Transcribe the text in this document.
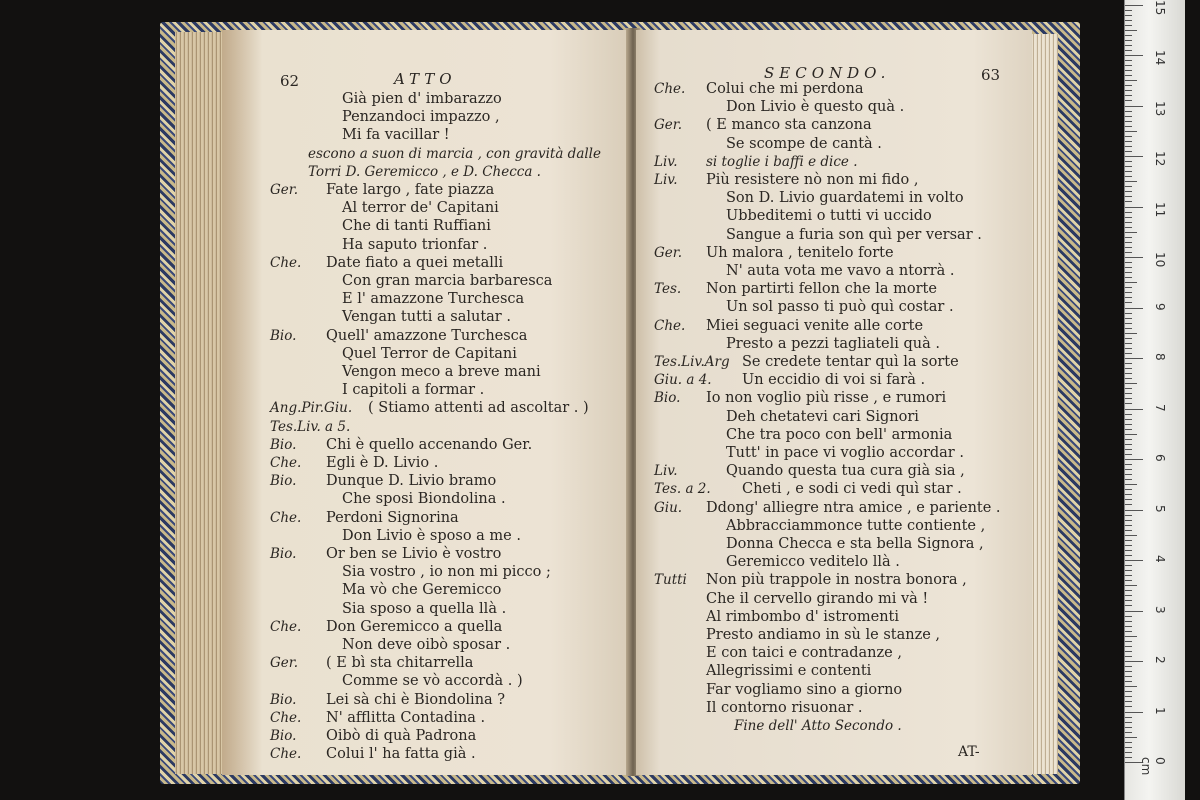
62	ATTO
Già pien d' imbarazzo
Penzandoci impazzo ,
Mi fa vacillar !
escono a suon di marcia , con gravità dalle
Torri D. Geremicco , e D. Checca .
Ger. Fate largo , fate piazza
Al terror de' Capitani
Che di tanti Ruffiani
Ha saputo trionfar .
Che. Date fiato a quei metalli
Con gran marcia barbaresca
E l' amazzone Turchesca
Vengan tutti a salutar .
Bio. Quell' amazzone Turchesca
Quel Terror de Capitani
Vengon meco a breve mani
I capitoli a formar .
Ang.Pir.Giu. ( Stiamo attenti ad ascoltar . )
Tes.Liv. a 5.
Bio. Chi è quello accenando Ger.
Che. Egli è D. Livio .
Bio. Dunque D. Livio bramo
Che sposi Biondolina .
Che. Perdoni Signorina
Don Livio è sposo a me .
Bio. Or ben se Livio è vostro
Sia vostro , io non mi picco ;
Ma vò che Geremicco
Sia sposo a quella llà .
Che. Don Geremicco a quella
Non deve oibò sposar .
Ger. ( E bì sta chitarrella
Comme se vò accordà . )
Bio. Lei sà chi è Biondolina ?
Che. N' afflitta Contadina .
Bio. Oibò di quà Padrona
Che. Colui l' ha fatta già .
SECONDO.	63
Che. Colui che mi perdona
Don Livio è questo quà .
Ger. ( E manco sta canzona
Se scompe de cantà .
Liv. si toglie i baffi e dice .
Liv. Più resistere nò non mi fido ,
Son D. Livio guardatemi in volto
Ubbeditemi o tutti vi uccido
Sangue a furia son quì per versar .
Ger. Uh malora , tenitelo forte
N' auta vota me vavo a ntorrà .
Tes. Non partirti fellon che la morte
Un sol passo ti può quì costar .
Che. Miei seguaci venite alle corte
Presto a pezzi tagliateli quà .
Tes.Liv.Arg Se credete tentar quì la sorte
Giu. a 4. Un eccidio di voi si farà .
Bio. Io non voglio più risse , e rumori
Deh chetatevi cari Signori
Che tra poco con bell' armonia
Tutt' in pace vi voglio accordar .
Liv.	Quando questa tua cura già sia ,
Tes. a 2. Cheti , e sodi ci vedi quì star .
Giu. Ddong' alliegre ntra amice , e pariente .
Abbracciammonce tutte contiente ,
Donna Checca e sta bella Signora ,
Geremicco veditelo llà .
Tutti Non più trappole in nostra bonora ,
Che il cervello girando mi và !
Al rimbombo d' istromenti
Presto andiamo in sù le stanze ,
E con taici e contradanze ,
Allegrissimi e contenti
Far vogliamo sino a giorno
Il contorno risuonar .
Fine dell' Atto Secondo .
AT-
0 cm
1
2
3
4
5
6
7
8
9
10
11
12
13
14
15
